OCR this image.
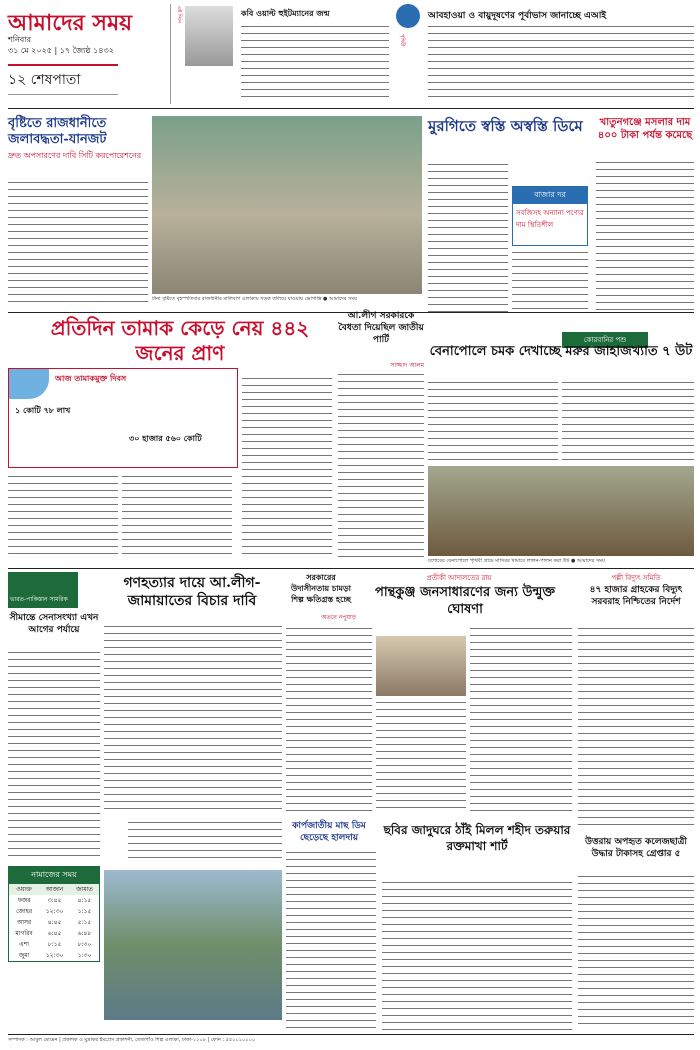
আমাদের সময়
শনিবার
৩১ মে ২০২৫ | ১৭ জ্যৈষ্ঠ ১৪৩২
১২ শেষপাতা
এই দিনে	কবি ওয়াল্ট হুইটম্যানের জন্ম
পৃথিবী
আবহাওয়া ও বায়ুদূষণের পূর্বাভাস জানাচ্ছে এআই
বৃষ্টিতে রাজধানীতে জলাবদ্ধতা-যানজট
দ্রুত অপসারণের দাবি সিটি করপোরেশনের
টানা বৃষ্টিতে বৃহস্পতিবার রাজধানীর মালিবাগ এলাকায় সড়ক তলিয়ে যাওয়ায় ভোগান্তি ● আমাদের সময়
মুরগিতে স্বস্তি অস্বস্তি ডিমে
বাজার দর
সবজিসহ অন্যান্য পণ্যের দাম স্থিতিশীল
খাতুনগঞ্জে মসলার দাম ৪০০ টাকা পর্যন্ত কমেছে
প্রতিদিন তামাক কেড়ে নেয় ৪৪২ জনের প্রাণ
আজ তামাকমুক্ত দিবস
১ কোটি ৭৮ লাখ
৩০ হাজার ৫৬০ কোটি
আ.লীগ সরকারকে বৈধতা দিয়েছিল জাতীয় পার্টি
সাজ্জাদ আলম
কোরবানির পশু
বেনাপোলে চমক দেখাচ্ছে মরুর জাহাজখ্যাত ৭ উট
যশোরের বেনাপোলে পৃথিবী গ্রামে মাসিরর খামারে লালন-পালন করা উট ● আমাদের সময়
ভারত-পাকিস্তান সামরিক সংঘাত
সীমান্তে সেনাসংখ্যা এখন আগের পর্যায়ে
গণহত্যার দায়ে আ.লীগ-জামায়াতের বিচার দাবি
সরকারের উদাসীনতায় চামড়া শিল্প ক্ষতিগ্রস্ত হচ্ছে
অতনে নপুয়াড়
প্রতীকী আদালতের রায়
পান্থকুঞ্জ জনসাধারণের জন্য উন্মুক্ত ঘোষণা
পল্লী বিদ্যুৎ সমিতি
৪৭ হাজার গ্রাহকের বিদ্যুৎ সরবরাহ নিশ্চিতের নির্দেশ
কার্পজাতীয় মাছ ডিম ছেড়েছে হালদায়
ছবির জাদুঘরে ঠাঁই মিলল শহীদ তরুয়ার রক্তমাখা শার্ট	উত্তরায় অপহৃত কলেজছাত্রী উদ্ধার টাকাসহ গ্রেপ্তার ৫
নামাজের সময়
ওয়াক্ত	আজান	জামাত
ফজর	৩:৪৫	৪:১৫
জোহর	১২:৩০	১:১৫
আসর	৪:৪৫	৫:১৫
মাগরিব	৬:৪৫	৬:৪৮
এশা	৮:১৫	৮:৩০
জুমা	১২:৩০	১:৩০
সম্পাদক : আবুল মোমেন | প্রকাশক ও মুদ্রাকর ইমপ্রেস প্রকাশনী, তেজগাঁও শিল্প এলাকা, ঢাকা-১২০৮ | ফোন : ৫৫০০১০০০০
